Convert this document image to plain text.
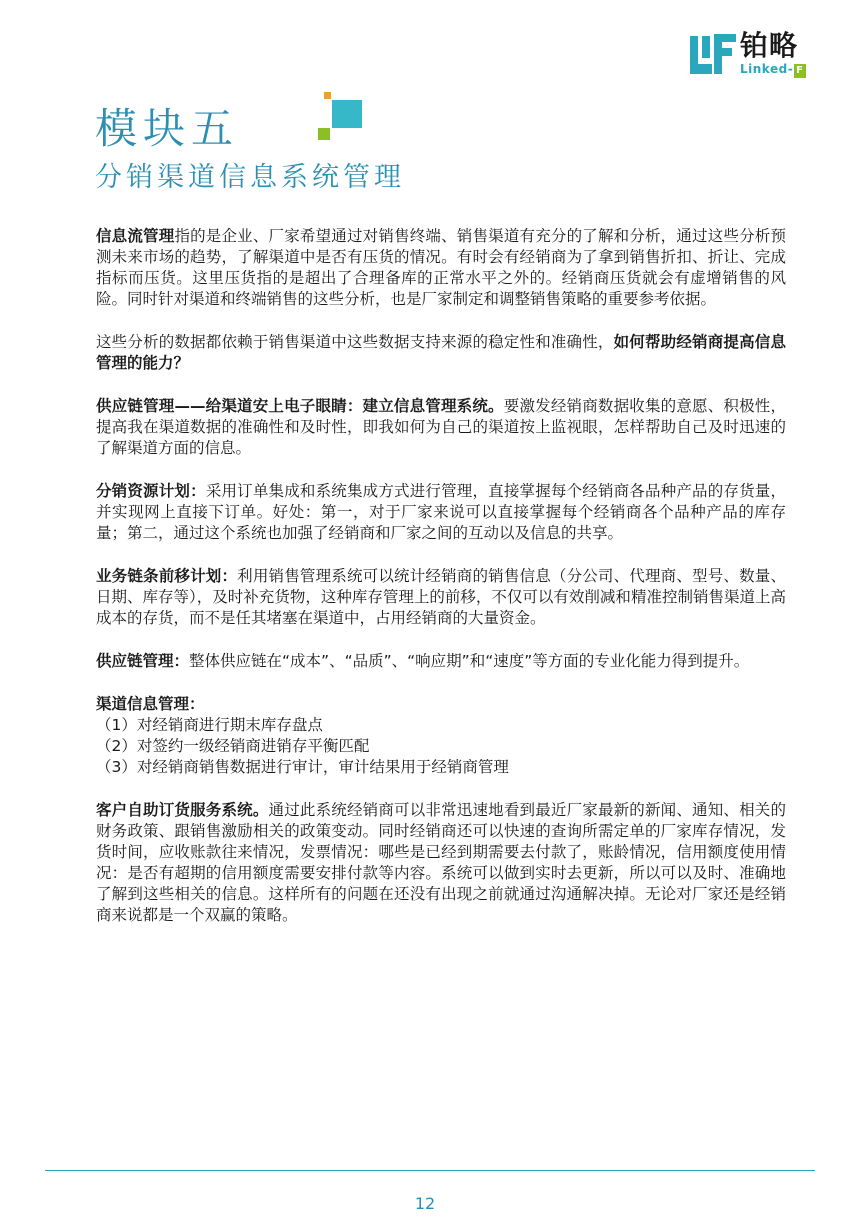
铂略
Linked- F
模块五
分销渠道信息系统管理

信息流管理指的是企业、厂家希望通过对销售终端、销售渠道有充分的了解和分析，通过这些分析预测未来市场的趋势，了解渠道中是否有压货的情况。有时会有经销商为了拿到销售折扣、折让、完成指标而压货。这里压货指的是超出了合理备库的正常水平之外的。经销商压货就会有虚增销售的风险。同时针对渠道和终端销售的这些分析，也是厂家制定和调整销售策略的重要参考依据。

这些分析的数据都依赖于销售渠道中这些数据支持来源的稳定性和准确性，如何帮助经销商提高信息管理的能力？

供应链管理——给渠道安上电子眼睛：建立信息管理系统。要激发经销商数据收集的意愿、积极性，提高我在渠道数据的准确性和及时性，即我如何为自己的渠道按上监视眼，怎样帮助自己及时迅速的了解渠道方面的信息。

分销资源计划：采用订单集成和系统集成方式进行管理，直接掌握每个经销商各品种产品的存货量，并实现网上直接下订单。好处：第一，对于厂家来说可以直接掌握每个经销商各个品种产品的库存量；第二，通过这个系统也加强了经销商和厂家之间的互动以及信息的共享。

业务链条前移计划：利用销售管理系统可以统计经销商的销售信息（分公司、代理商、型号、数量、日期、库存等），及时补充货物，这种库存管理上的前移，不仅可以有效削减和精准控制销售渠道上高成本的存货，而不是任其堵塞在渠道中，占用经销商的大量资金。

供应链管理：整体供应链在“成本”、“品质”、“响应期”和“速度”等方面的专业化能力得到提升。

渠道信息管理：

（1）对经销商进行期末库存盘点

（2）对签约一级经销商进销存平衡匹配

（3）对经销商销售数据进行审计，审计结果用于经销商管理

客户自助订货服务系统。通过此系统经销商可以非常迅速地看到最近厂家最新的新闻、通知、相关的财务政策、跟销售激励相关的政策变动。同时经销商还可以快速的查询所需定单的厂家库存情况，发货时间，应收账款往来情况，发票情况：哪些是已经到期需要去付款了，账龄情况，信用额度使用情况：是否有超期的信用额度需要安排付款等内容。系统可以做到实时去更新，所以可以及时、准确地了解到这些相关的信息。这样所有的问题在还没有出现之前就通过沟通解决掉。无论对厂家还是经销商来说都是一个双赢的策略。

12
